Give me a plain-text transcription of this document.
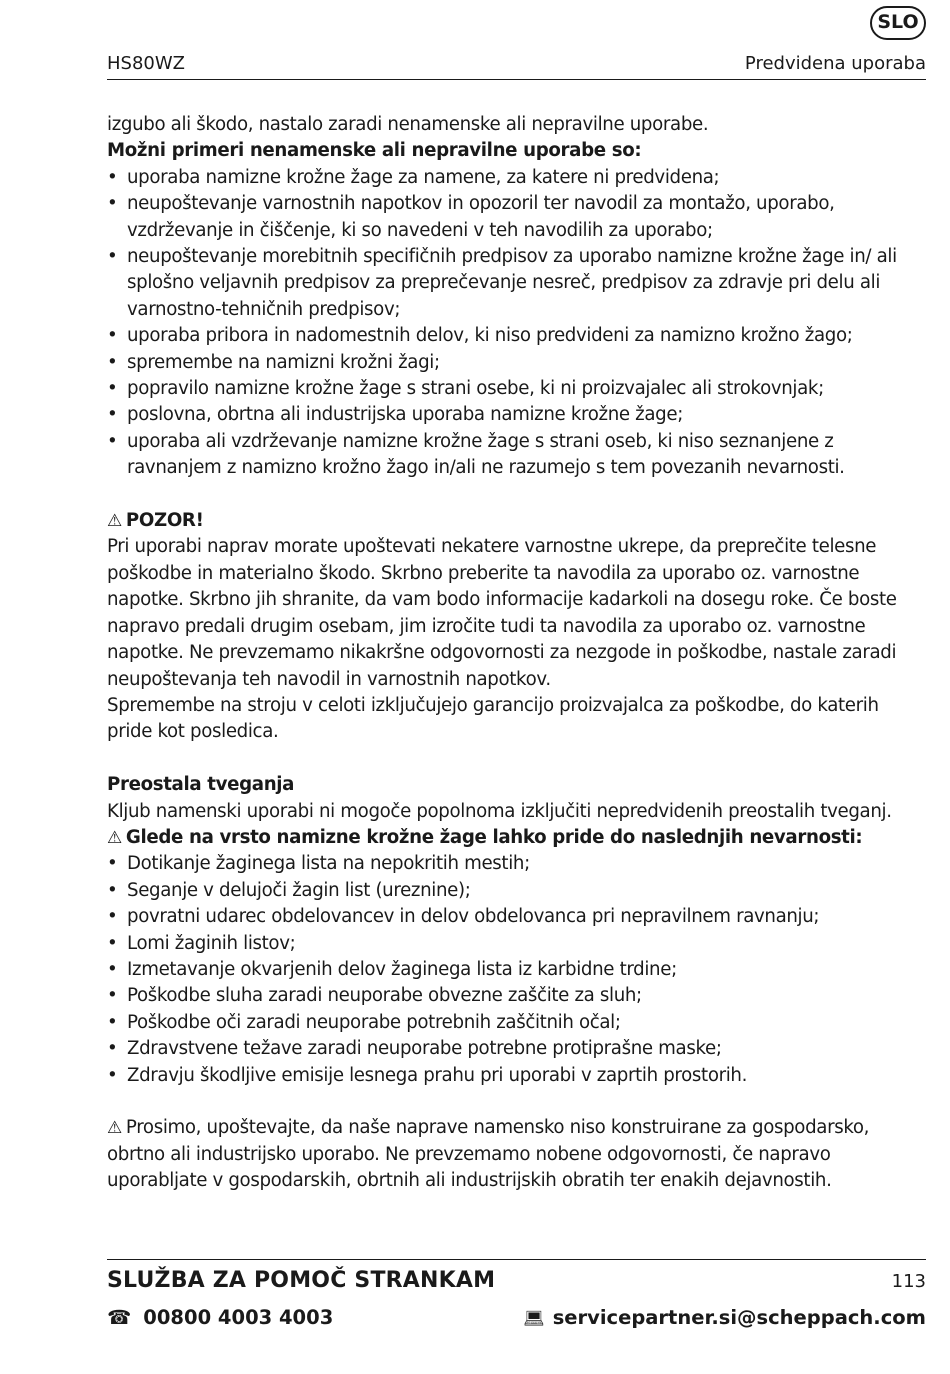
SLO
HS80WZ	Predvidena uporaba

izgubo ali škodo, nastalo zaradi nenamenske ali nepravilne uporabe.

Možni primeri nenamenske ali nepravilne uporabe so:

• uporaba namizne krožne žage za namene, za katere ni predvidena;
• neupoštevanje varnostnih napotkov in opozoril ter navodil za montažo, uporabo, vzdrževanje in čiščenje, ki so navedeni v teh navodilih za uporabo;
• neupoštevanje morebitnih specifičnih predpisov za uporabo namizne krožne žage in/ ali splošno veljavnih predpisov za preprečevanje nesreč, predpisov za zdravje pri delu ali varnostno-tehničnih predpisov;
• uporaba pribora in nadomestnih delov, ki niso predvideni za namizno krožno žago;
• spremembe na namizni krožni žagi;
• popravilo namizne krožne žage s strani osebe, ki ni proizvajalec ali strokovnjak;
• poslovna, obrtna ali industrijska uporaba namizne krožne žage;
• uporaba ali vzdrževanje namizne krožne žage s strani oseb, ki niso seznanjene z ravnanjem z namizno krožno žago in/ali ne razumejo s tem povezanih nevarnosti.

⚠ POZOR!

Pri uporabi naprav morate upoštevati nekatere varnostne ukrepe, da preprečite telesne poškodbe in materialno škodo. Skrbno preberite ta navodila za uporabo oz. varnostne napotke. Skrbno jih shranite, da vam bodo informacije kadarkoli na dosegu roke. Če boste napravo predali drugim osebam, jim izročite tudi ta navodila za uporabo oz. varnostne napotke. Ne prevzemamo nikakršne odgovornosti za nezgode in poškodbe, nastale zaradi neupoštevanja teh navodil in varnostnih napotkov.

Spremembe na stroju v celoti izključujejo garancijo proizvajalca za poškodbe, do katerih pride kot posledica.

Preostala tveganja

Kljub namenski uporabi ni mogoče popolnoma izključiti nepredvidenih preostalih tveganj.

⚠ Glede na vrsto namizne krožne žage lahko pride do naslednjih nevarnosti:

• Dotikanje žaginega lista na nepokritih mestih;
• Seganje v delujoči žagin list (ureznine);
• povratni udarec obdelovancev in delov obdelovanca pri nepravilnem ravnanju;
• Lomi žaginih listov;
• Izmetavanje okvarjenih delov žaginega lista iz karbidne trdine;
• Poškodbe sluha zaradi neuporabe obvezne zaščite za sluh;
• Poškodbe oči zaradi neuporabe potrebnih zaščitnih očal;
• Zdravstvene težave zaradi neuporabe potrebne protiprašne maske;
• Zdravju škodljive emisije lesnega prahu pri uporabi v zaprtih prostorih.

⚠ Prosimo, upoštevajte, da naše naprave namensko niso konstruirane za gospodarsko, obrtno ali industrijsko uporabo. Ne prevzemamo nobene odgovornosti, če napravo uporabljate v gospodarskih, obrtnih ali industrijskih obratih ter enakih dejavnostih.

SLUŽBA ZA POMOČ STRANKAM	113
☎ 00800 4003 4003	💻︎ servicepartner.si@scheppach.com
